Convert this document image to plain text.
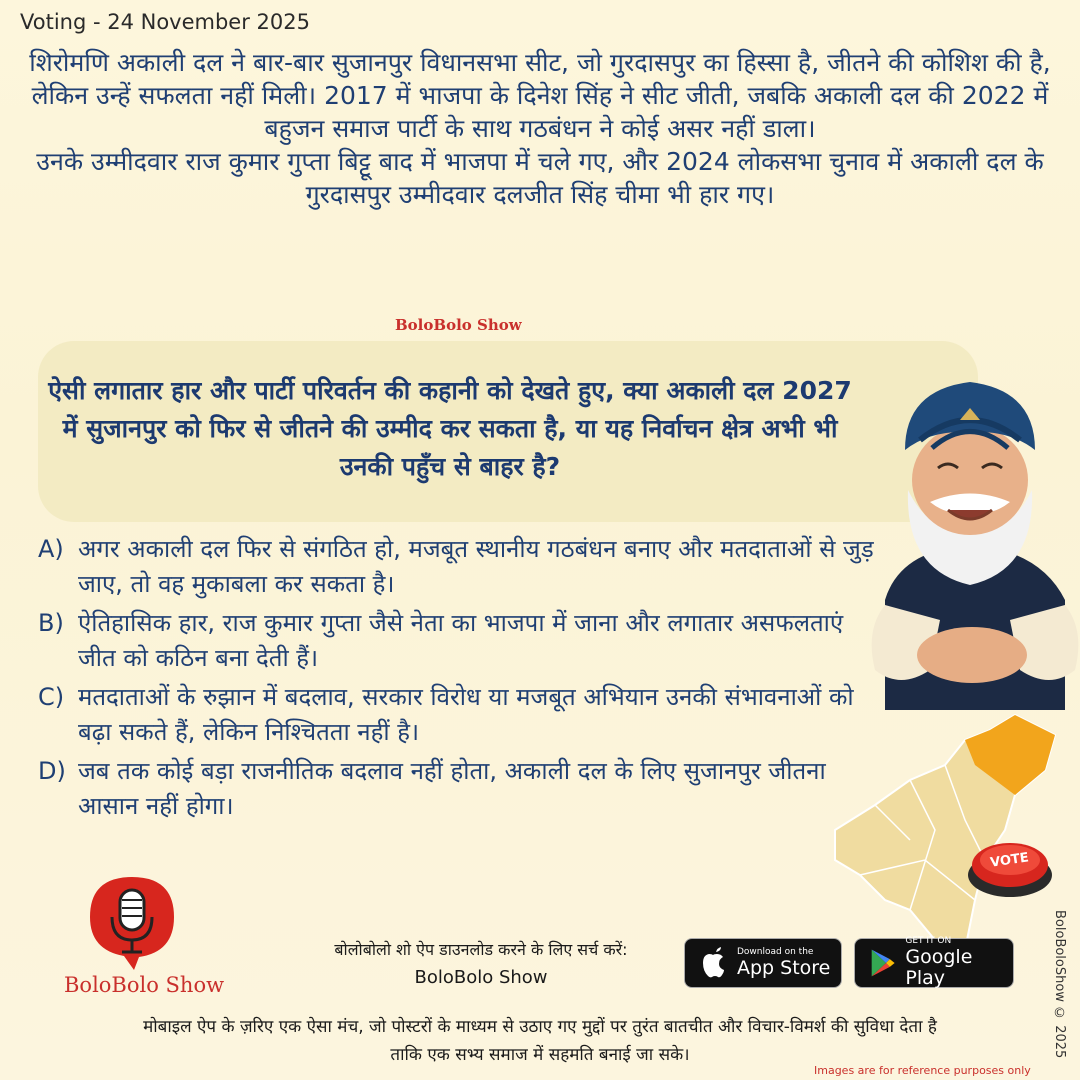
Voting - 24 November 2025

शिरोमणि अकाली दल ने बार-बार सुजानपुर विधानसभा सीट, जो गुरदासपुर का हिस्सा है, जीतने की कोशिश की है, लेकिन उन्हें सफलता नहीं मिली। 2017 में भाजपा के दिनेश सिंह ने सीट जीती, जबकि अकाली दल की 2022 में बहुजन समाज पार्टी के साथ गठबंधन ने कोई असर नहीं डाला।

उनके उम्मीदवार राज कुमार गुप्ता बिट्टू बाद में भाजपा में चले गए, और 2024 लोकसभा चुनाव में अकाली दल के गुरदासपुर उम्मीदवार दलजीत सिंह चीमा भी हार गए।

BoloBolo Show
ऐसी लगातार हार और पार्टी परिवर्तन की कहानी को देखते हुए, क्या अकाली दल 2027 में सुजानपुर को फिर से जीतने की उम्मीद कर सकता है, या यह निर्वाचन क्षेत्र अभी भी उनकी पहुँच से बाहर है?
A) अगर अकाली दल फिर से संगठित हो, मजबूत स्थानीय गठबंधन बनाए और मतदाताओं से जुड़ जाए, तो वह मुकाबला कर सकता है।
B) ऐतिहासिक हार, राज कुमार गुप्ता जैसे नेता का भाजपा में जाना और लगातार असफलताएं जीत को कठिन बना देती हैं।
C) मतदाताओं के रुझान में बदलाव, सरकार विरोध या मजबूत अभियान उनकी संभावनाओं को बढ़ा सकते हैं, लेकिन निश्चितता नहीं है।
D) जब तक कोई बड़ा राजनीतिक बदलाव नहीं होता, अकाली दल के लिए सुजानपुर जीतना आसान नहीं होगा।
VOTE
BoloBolo Show
बोलोबोलो शो ऐप डाउनलोड करने के लिए सर्च करें:
BoloBolo Show
Download on the
App Store
GET IT ON
Google Play
मोबाइल ऐप के ज़रिए एक ऐसा मंच, जो पोस्टरों के माध्यम से उठाए गए मुद्दों पर तुरंत बातचीत और विचार-विमर्श की सुविधा देता है
ताकि एक सभ्य समाज में सहमति बनाई जा सके।
Images are for reference purposes only
BoloBoloShow © 2025
